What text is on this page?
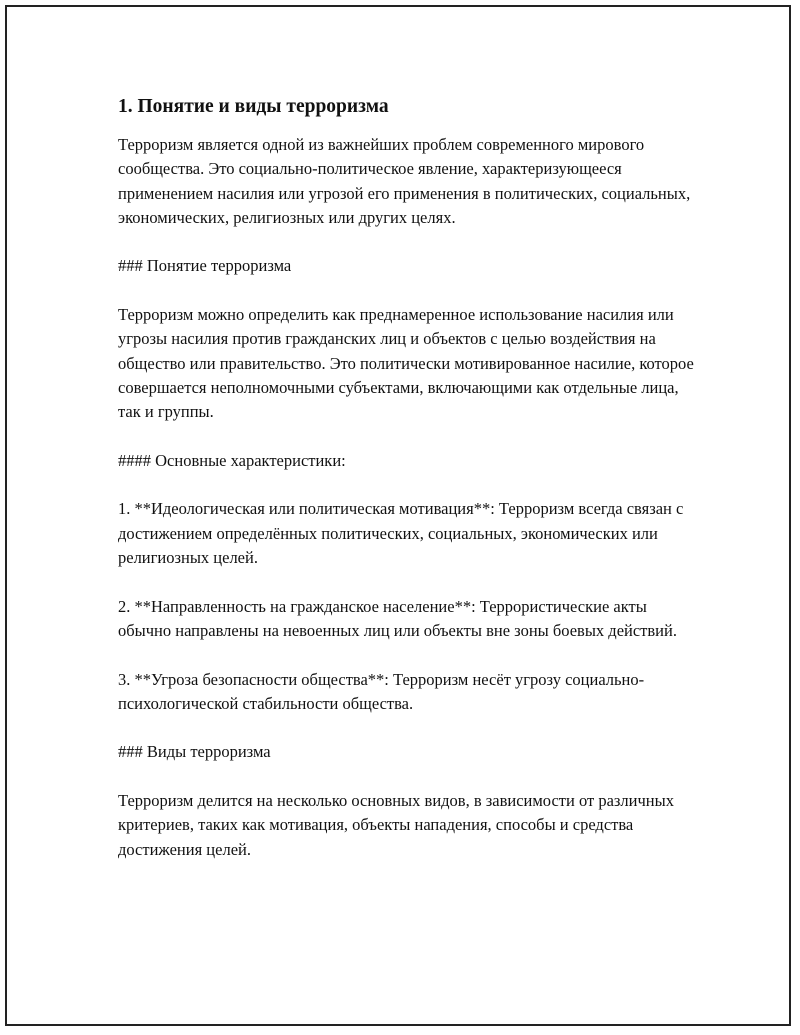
1. Понятие и виды терроризма
Терроризм является одной из важнейших проблем современного мирового сообщества. Это социально-политическое явление, характеризующееся применением насилия или угрозой его применения в политических, социальных, экономических, религиозных или других целях.
### Понятие терроризма
Терроризм можно определить как преднамеренное использование насилия или угрозы насилия против гражданских лиц и объектов с целью воздействия на общество или правительство. Это политически мотивированное насилие, которое совершается неполномочными субъектами, включающими как отдельные лица, так и группы.
#### Основные характеристики:
1. **Идеологическая или политическая мотивация**: Терроризм всегда связан с достижением определённых политических, социальных, экономических или религиозных целей.
2. **Направленность на гражданское население**: Террористические акты обычно направлены на невоенных лиц или объекты вне зоны боевых действий.
3. **Угроза безопасности общества**: Терроризм несёт угрозу социально-психологической стабильности общества.
### Виды терроризма
Терроризм делится на несколько основных видов, в зависимости от различных критериев, таких как мотивация, объекты нападения, способы и средства достижения целей.
